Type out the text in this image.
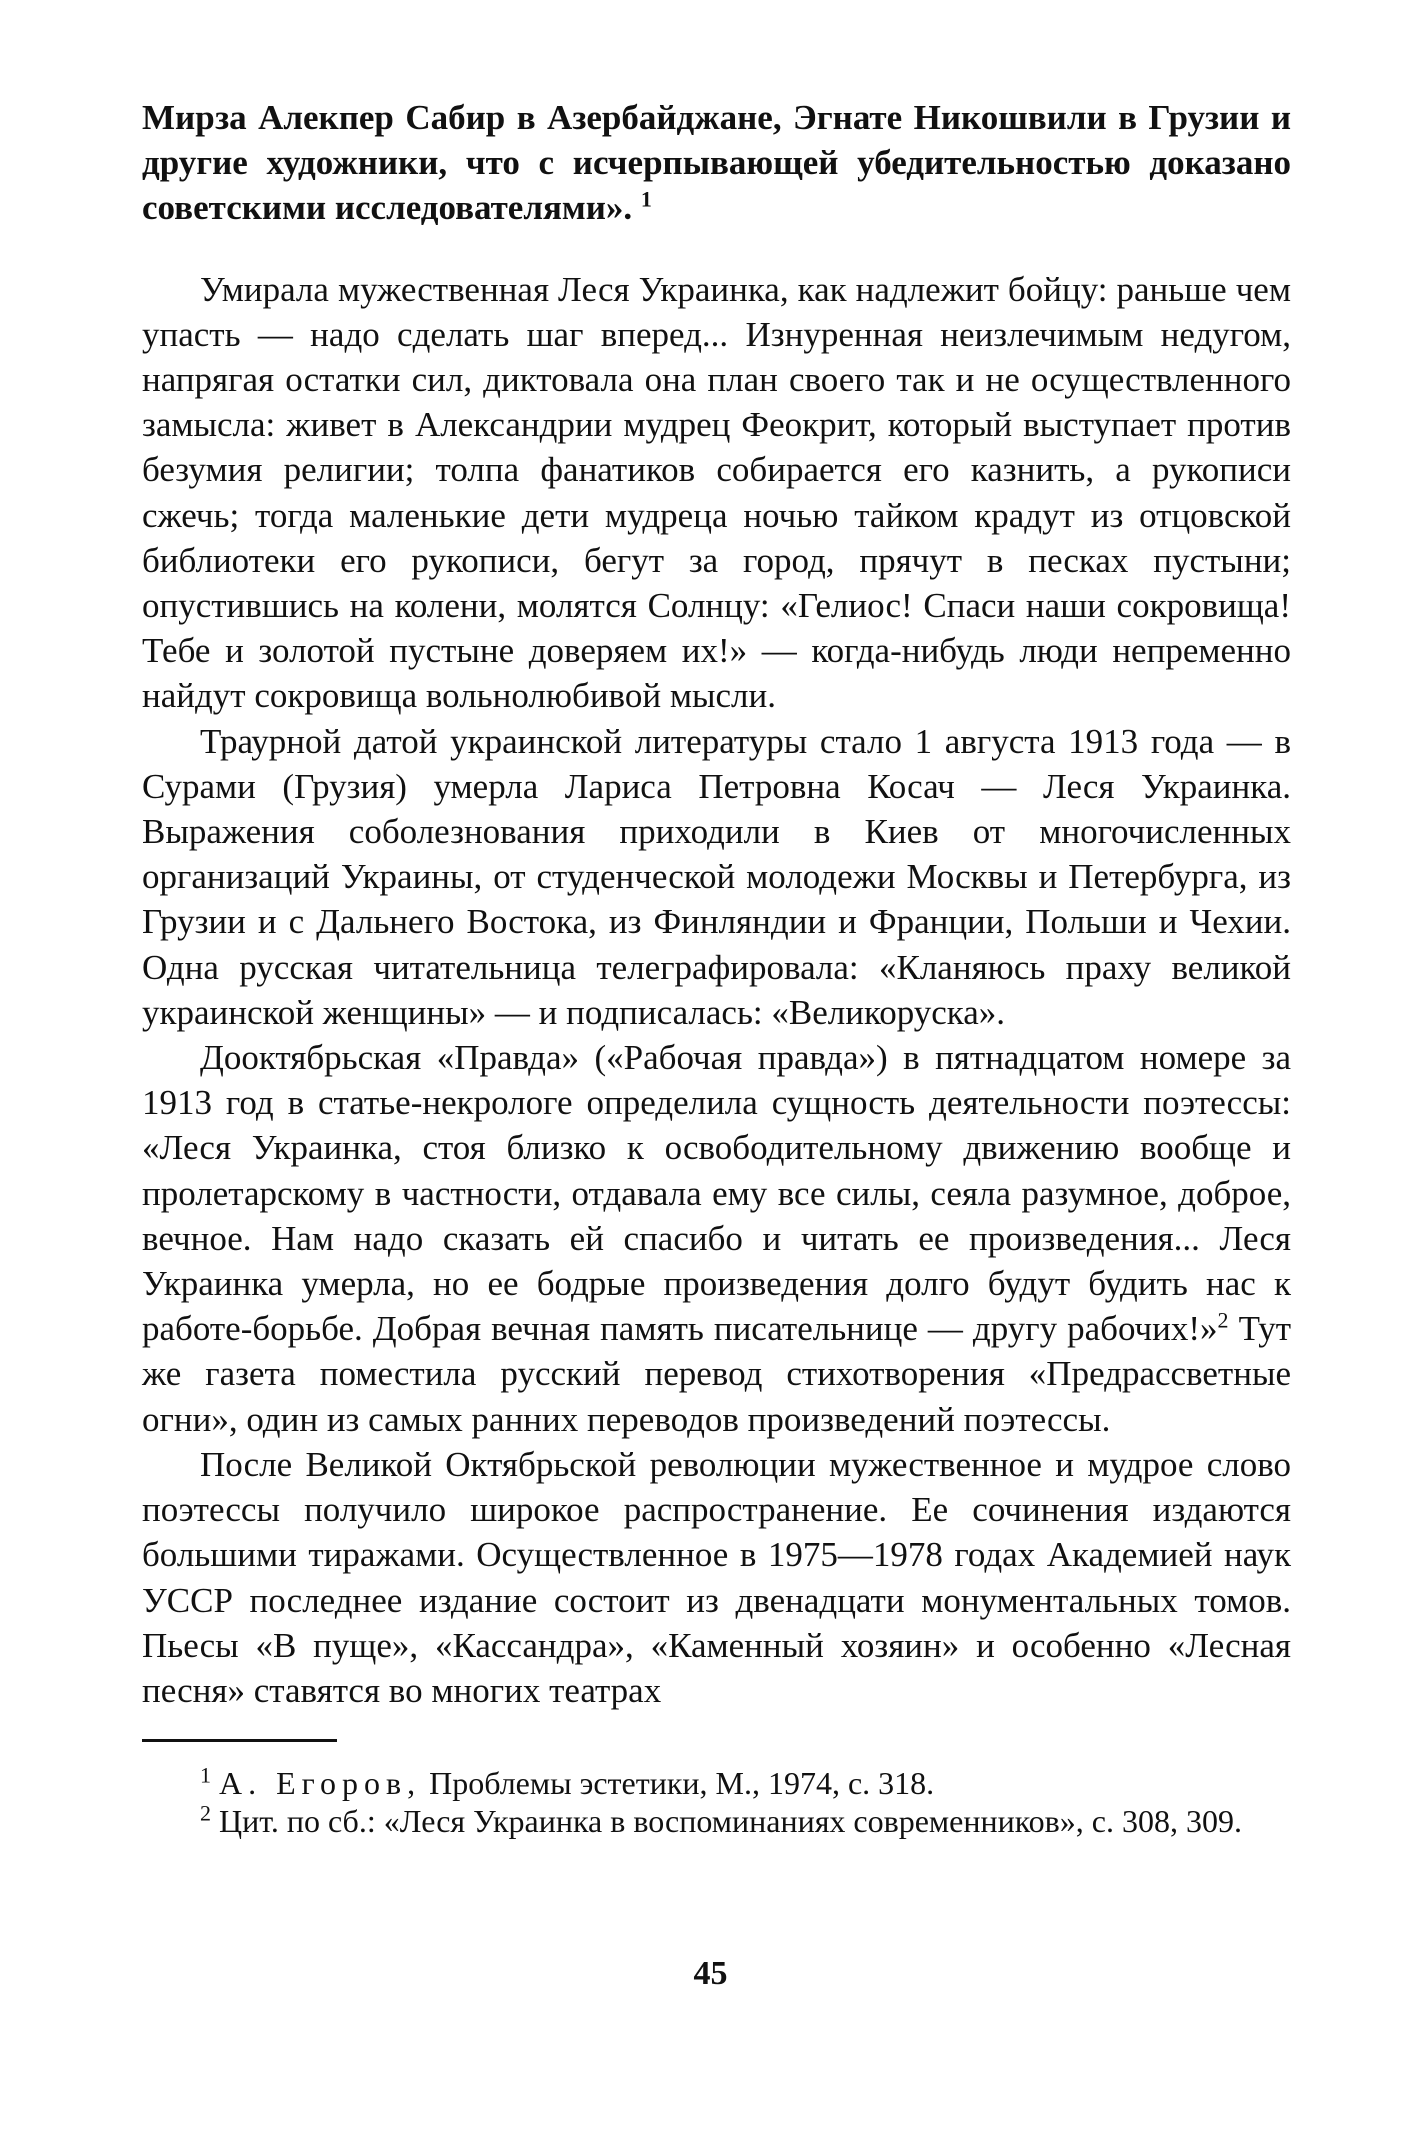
Мирза Алекпер Сабир в Азербайджане, Эгнате Никошвили в Грузии и другие художники, что с исчерпывающей убедительностью доказано советскими исследователями». $^1$

Умирала мужественная Леся Украинка, как надлежит бойцу: раньше чем упасть — надо сделать шаг вперед... Изнуренная неизлечимым недугом, напрягая остатки сил, диктовала она план своего так и не осуществленного замысла: живет в Александрии мудрец Феокрит, который выступает против безумия религии; толпа фанатиков собирается его казнить, а рукописи сжечь; тогда маленькие дети мудреца ночью тайком крадут из отцовской библиотеки его рукописи, бегут за город, прячут в песках пустыни; опустившись на колени, молятся Солнцу: «Гелиос! Спаси наши сокровища! Тебе и золотой пустыне доверяем их!» — когда-нибудь люди непременно найдут сокровища вольнолюбивой мысли.

Траурной датой украинской литературы стало 1 августа 1913 года — в Сурами (Грузия) умерла Лариса Петровна Косач — Леся Украинка. Выражения соболезнования приходили в Киев от многочисленных организаций Украины, от студенческой молодежи Москвы и Петербурга, из Грузии и с Дальнего Востока, из Финляндии и Франции, Польши и Чехии. Одна русская читательница телеграфировала: «Кланяюсь праху великой украинской женщины» — и подписалась: «Великоруска».

Дооктябрьская «Правда» («Рабочая правда») в пятнадцатом номере за 1913 год в статье-некрологе определила сущность деятельности поэтессы: «Леся Украинка, стоя близко к освободительному движению вообще и пролетарскому в частности, отдавала ему все силы, сеяла разумное, доброе, вечное. Нам надо сказать ей спасибо и читать ее произведения... Леся Украинка умерла, но ее бодрые произведения долго будут будить нас к работе-борьбе. Добрая вечная память писательнице — другу рабочих!»$^2$ Тут же газета поместила русский перевод стихотворения «Предрассветные огни», один из самых ранних переводов произведений поэтессы.

После Великой Октябрьской революции мужественное и мудрое слово поэтессы получило широкое распространение. Ее сочинения издаются большими тиражами. Осуществленное в 1975—1978 годах Академией наук УССР последнее издание состоит из двенадцати монументальных томов. Пьесы «В пуще», «Кассандра», «Каменный хозяин» и особенно «Лесная песня» ставятся во многих театрах

$^1$ А. Егоров, Проблемы эстетики, М., 1974, с. 318.

$^2$ Цит. по сб.: «Леся Украинка в воспоминаниях современников», с. 308, 309.

45
